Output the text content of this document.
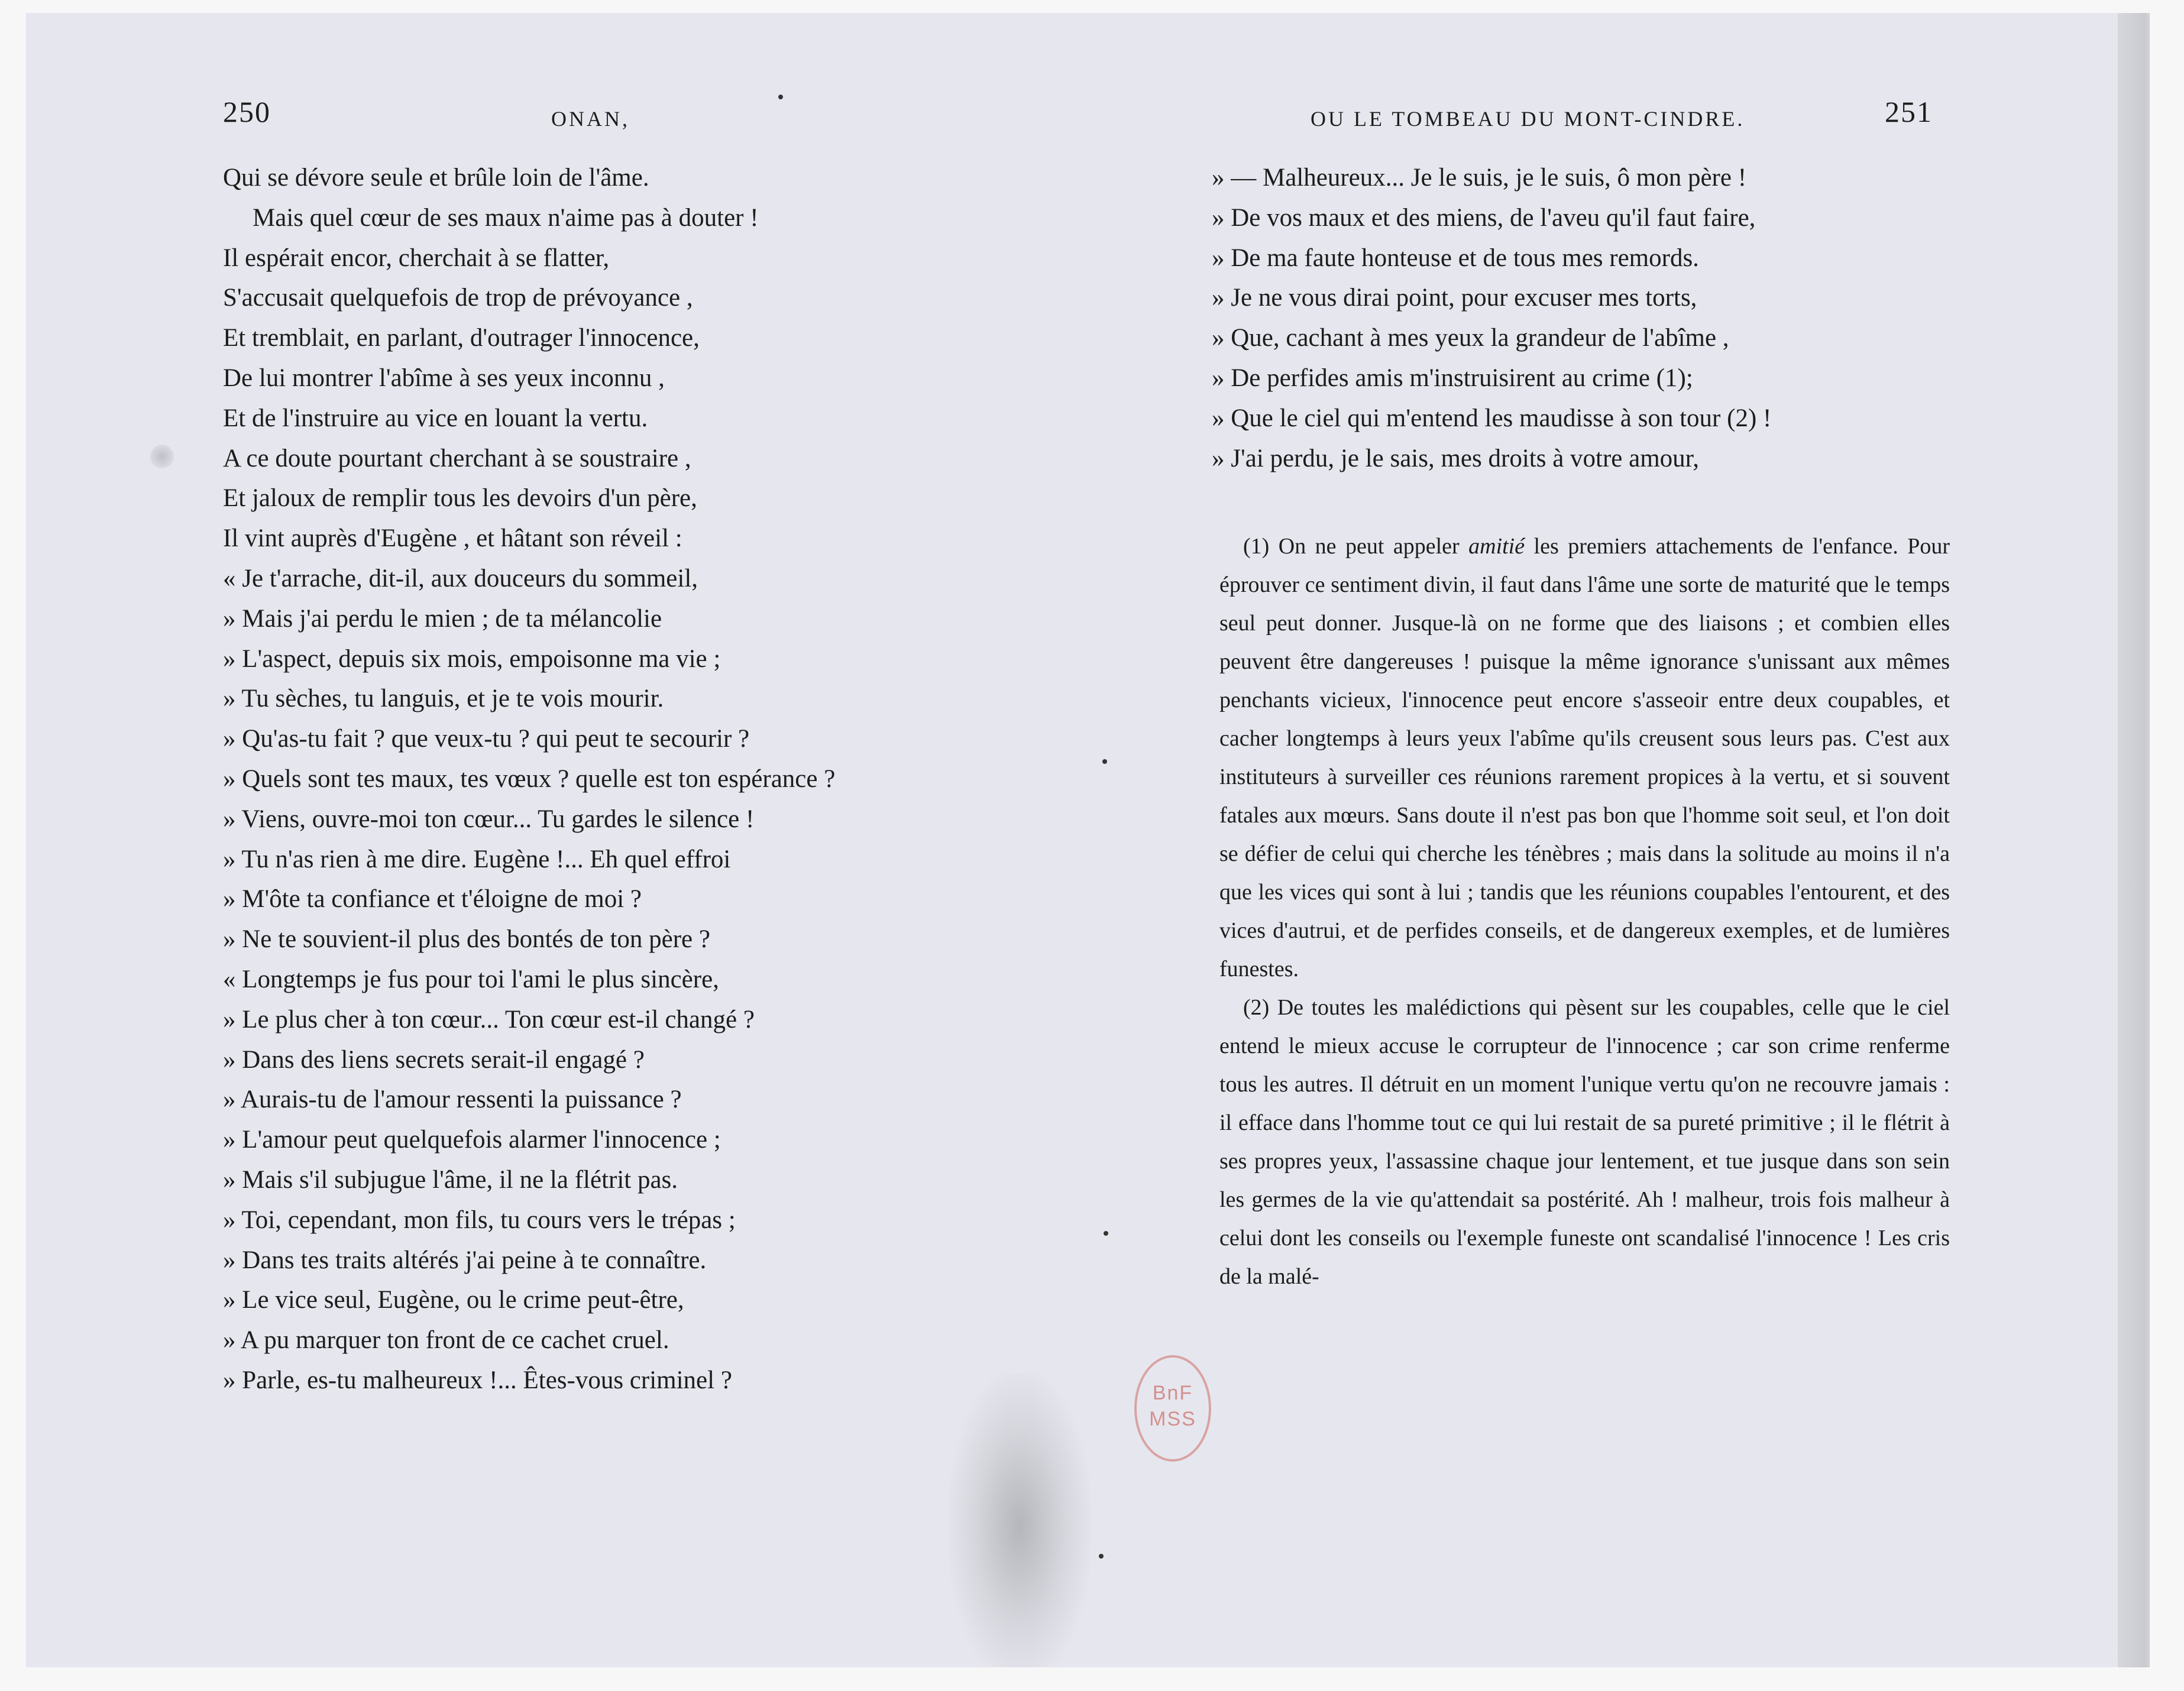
250	ONAN,
Qui se dévore seule et brûle loin de l'âme.
Mais quel cœur de ses maux n'aime pas à douter !
Il espérait encor, cherchait à se flatter,
S'accusait quelquefois de trop de prévoyance ,
Et tremblait, en parlant, d'outrager l'innocence,
De lui montrer l'abîme à ses yeux inconnu ,
Et de l'instruire au vice en louant la vertu.
A ce doute pourtant cherchant à se soustraire ,
Et jaloux de remplir tous les devoirs d'un père,
Il vint auprès d'Eugène , et hâtant son réveil :
« Je t'arrache, dit-il, aux douceurs du sommeil,
» Mais j'ai perdu le mien ; de ta mélancolie
» L'aspect, depuis six mois, empoisonne ma vie ;
» Tu sèches, tu languis, et je te vois mourir.
» Qu'as-tu fait ? que veux-tu ? qui peut te secourir ?
» Quels sont tes maux, tes vœux ? quelle est ton espérance ?
» Viens, ouvre-moi ton cœur... Tu gardes le silence !
» Tu n'as rien à me dire. Eugène !... Eh quel effroi
» M'ôte ta confiance et t'éloigne de moi ?
» Ne te souvient-il plus des bontés de ton père ?
« Longtemps je fus pour toi l'ami le plus sincère,
» Le plus cher à ton cœur... Ton cœur est-il changé ?
» Dans des liens secrets serait-il engagé ?
» Aurais-tu de l'amour ressenti la puissance ?
» L'amour peut quelquefois alarmer l'innocence ;
» Mais s'il subjugue l'âme, il ne la flétrit pas.
» Toi, cependant, mon fils, tu cours vers le trépas ;
» Dans tes traits altérés j'ai peine à te connaître.
» Le vice seul, Eugène, ou le crime peut-être,
» A pu marquer ton front de ce cachet cruel.
» Parle, es-tu malheureux !... Êtes-vous criminel ?
OU LE TOMBEAU DU MONT-CINDRE.	251
» — Malheureux... Je le suis, je le suis, ô mon père !
» De vos maux et des miens, de l'aveu qu'il faut faire,
» De ma faute honteuse et de tous mes remords.
» Je ne vous dirai point, pour excuser mes torts,
» Que, cachant à mes yeux la grandeur de l'abîme ,
» De perfides amis m'instruisirent au crime (1);
» Que le ciel qui m'entend les maudisse à son tour (2) !
» J'ai perdu, je le sais, mes droits à votre amour,

(1) On ne peut appeler amitié les premiers attachements de l'enfance. Pour éprouver ce sentiment divin, il faut dans l'âme une sorte de maturité que le temps seul peut donner. Jusque-là on ne forme que des liaisons ; et combien elles peuvent être dangereuses ! puisque la même ignorance s'unissant aux mêmes penchants vicieux, l'innocence peut encore s'asseoir entre deux coupables, et cacher longtemps à leurs yeux l'abîme qu'ils creusent sous leurs pas. C'est aux instituteurs à surveiller ces réunions rarement propices à la vertu, et si souvent fatales aux mœurs. Sans doute il n'est pas bon que l'homme soit seul, et l'on doit se défier de celui qui cherche les ténèbres ; mais dans la solitude au moins il n'a que les vices qui sont à lui ; tandis que les réunions coupables l'entourent, et des vices d'autrui, et de perfides conseils, et de dangereux exemples, et de lumières funestes.

(2) De toutes les malédictions qui pèsent sur les coupables, celle que le ciel entend le mieux accuse le corrupteur de l'innocence ; car son crime renferme tous les autres. Il détruit en un moment l'unique vertu qu'on ne recouvre jamais : il efface dans l'homme tout ce qui lui restait de sa pureté primitive ; il le flétrit à ses propres yeux, l'assassine chaque jour lentement, et tue jusque dans son sein les germes de la vie qu'attendait sa postérité. Ah ! malheur, trois fois malheur à celui dont les conseils ou l'exemple funeste ont scandalisé l'innocence ! Les cris de la malé-

BnF
MSS
